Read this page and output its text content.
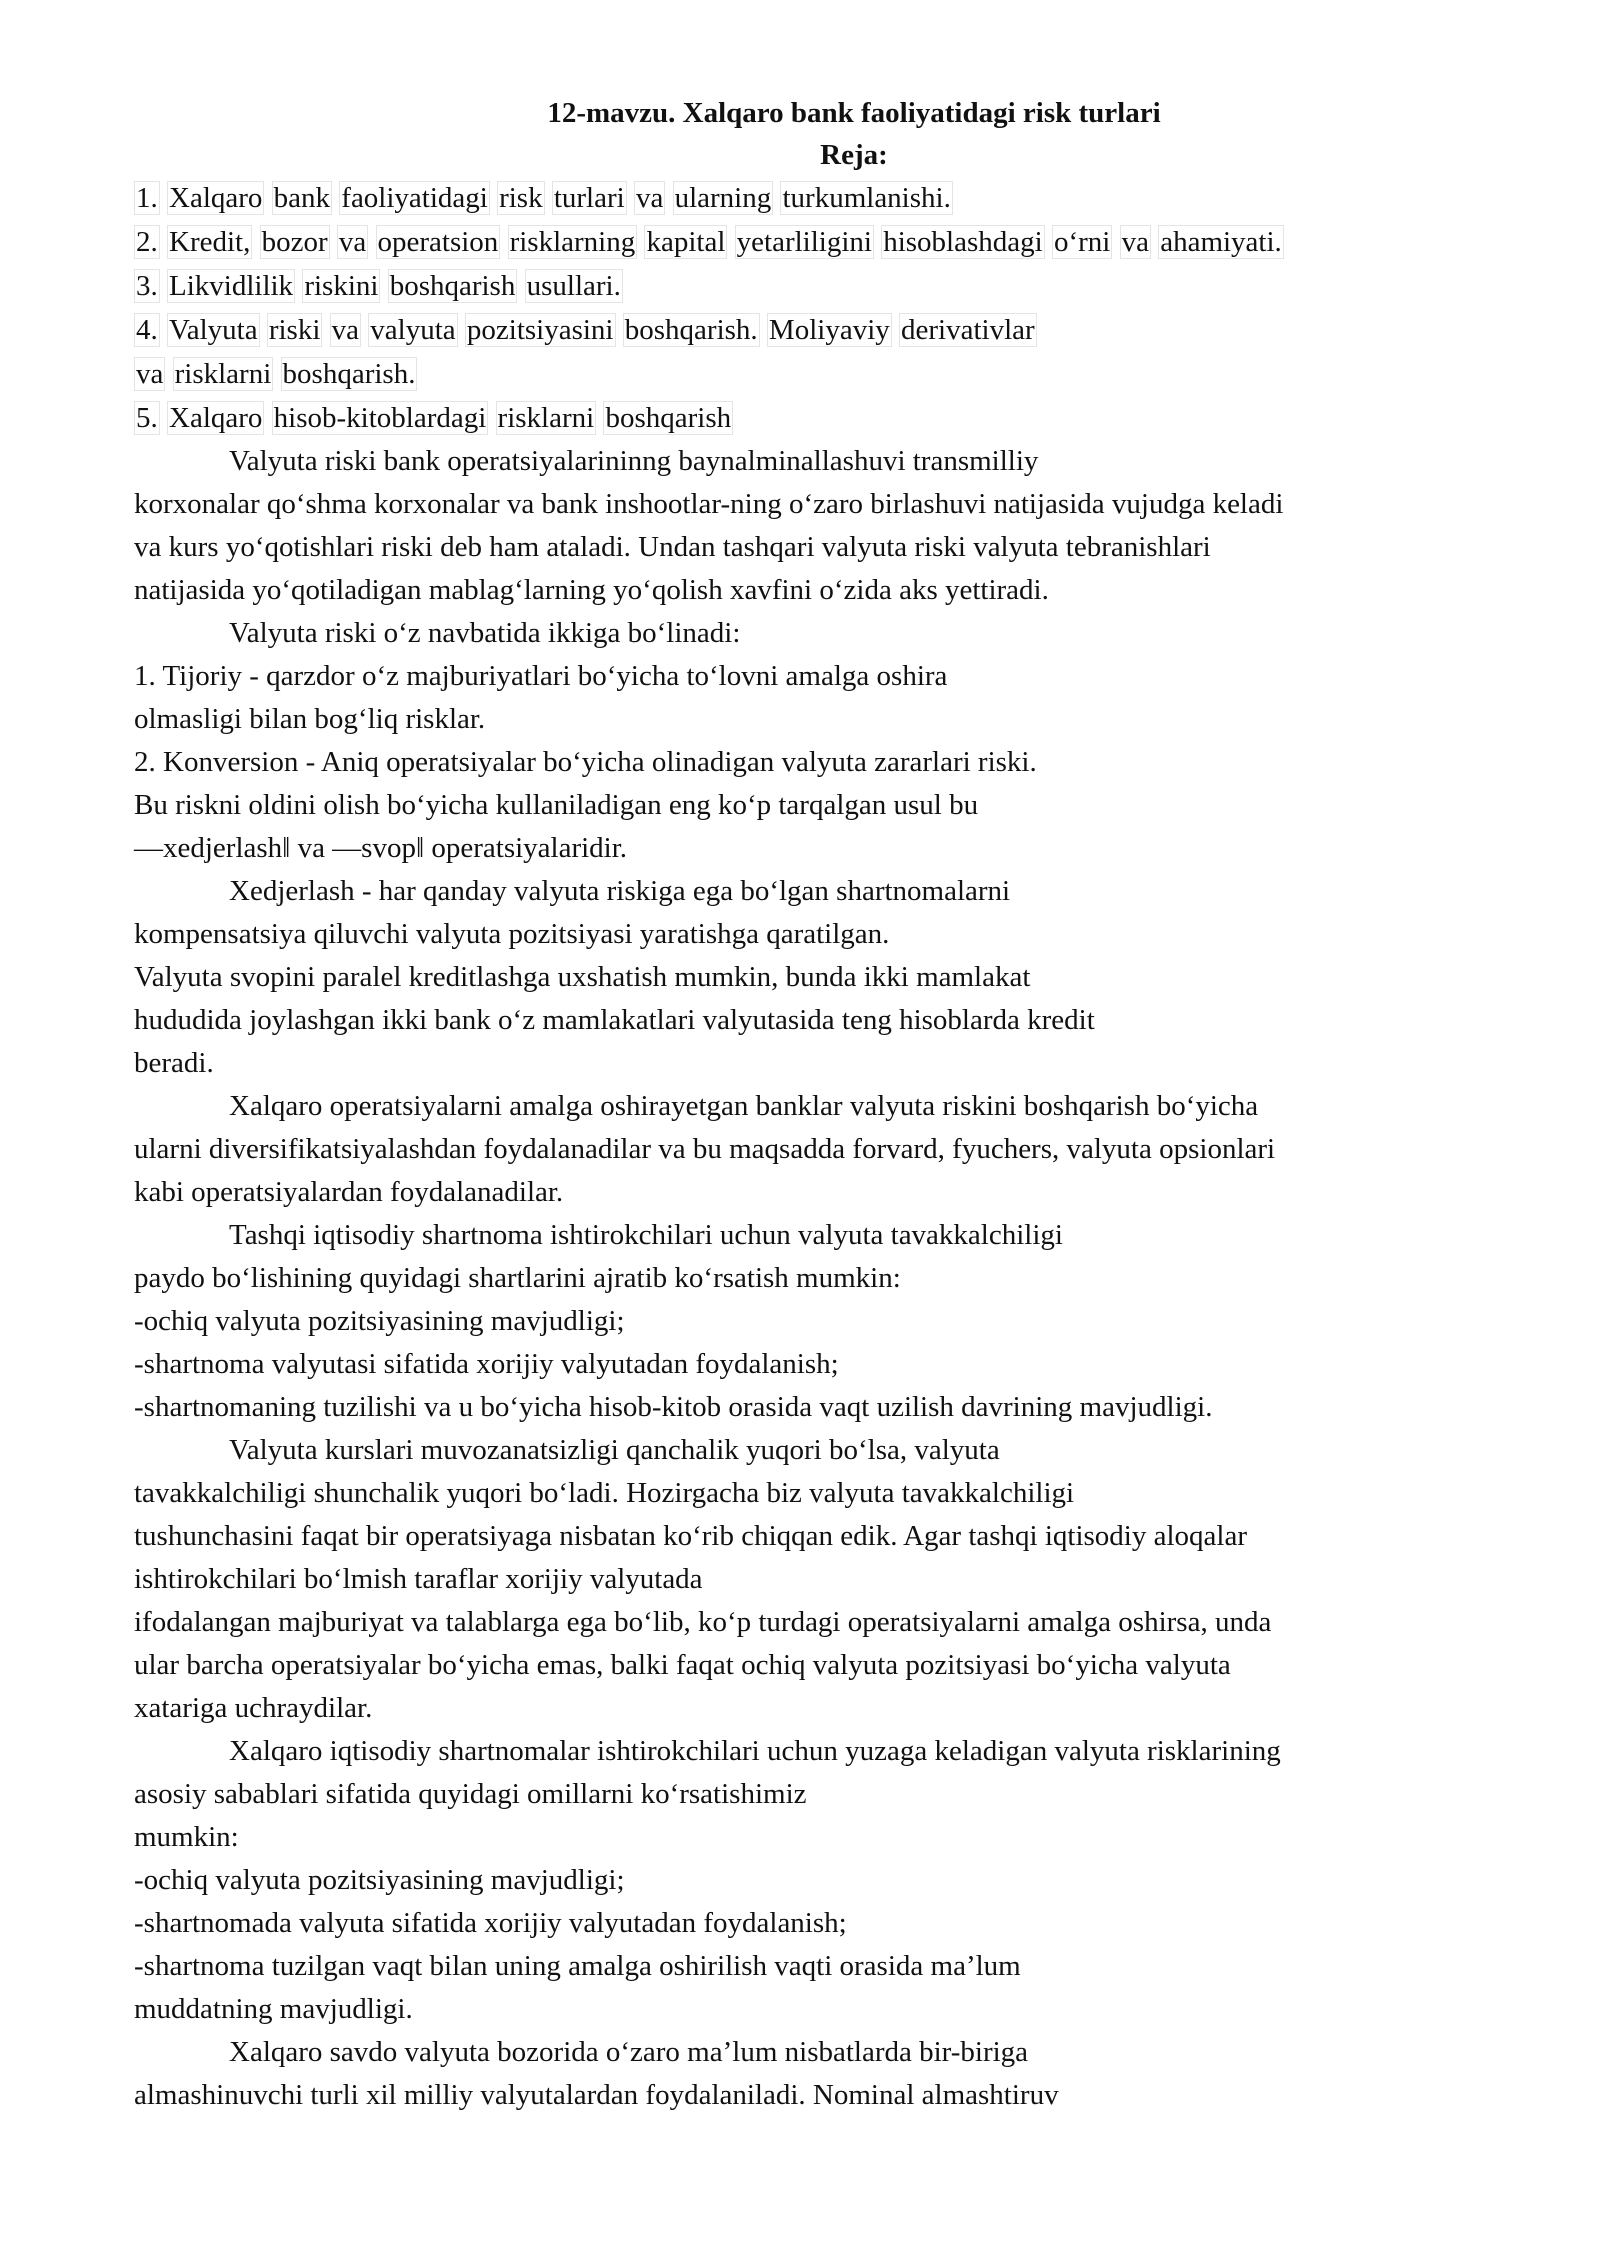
12-mavzu. Xalqaro bank faoliyatidagi risk turlari

Reja:

1. Xalqaro bank faoliyatidagi risk turlari va ularning turkumlanishi.

2. Kredit, bozor va operatsion risklarning kapital yetarliligini hisoblashdagi o‘rni va ahamiyati.

3. Likvidlilik riskini boshqarish usullari.

4. Valyuta riski va valyuta pozitsiyasini boshqarish. Moliyaviy derivativlar

va risklarni boshqarish.

5. Xalqaro hisob-kitoblardagi risklarni boshqarish

Valyuta riski bank operatsiyalarininng baynalminallashuvi transmilliy
korxonalar qo‘shma korxonalar va bank inshootlar-ning o‘zaro birlashuvi natijasida vujudga keladi
va kurs yo‘qotishlari riski deb ham ataladi. Undan tashqari valyuta riski valyuta tebranishlari
natijasida yo‘qotiladigan mablag‘larning yo‘qolish xavfini o‘zida aks yettiradi.

Valyuta riski o‘z navbatida ikkiga bo‘linadi:

1. Tijoriy - qarzdor o‘z majburiyatlari bo‘yicha to‘lovni amalga oshira
olmasligi bilan bog‘liq risklar.
2. Konversion - Aniq operatsiyalar bo‘yicha olinadigan valyuta zararlari riski.
Bu riskni oldini olish bo‘yicha kullaniladigan eng ko‘p tarqalgan usul bu
—xedjerlash‖ va —svop‖ operatsiyalaridir.

Xedjerlash - har qanday valyuta riskiga ega bo‘lgan shartnomalarni

kompensatsiya qiluvchi valyuta pozitsiyasi yaratishga qaratilgan.
Valyuta svopini paralel kreditlashga uxshatish mumkin, bunda ikki mamlakat
hududida joylashgan ikki bank o‘z mamlakatlari valyutasida teng hisoblarda kredit
beradi.

Xalqaro operatsiyalarni amalga oshirayetgan banklar valyuta riskini boshqarish bo‘yicha

ularni diversifikatsiyalashdan foydalanadilar va bu maqsadda forvard, fyuchers, valyuta opsionlari
kabi operatsiyalardan foydalanadilar.

Tashqi iqtisodiy shartnoma ishtirokchilari uchun valyuta tavakkalchiligi

paydo bo‘lishining quyidagi shartlarini ajratib ko‘rsatish mumkin:
-ochiq valyuta pozitsiyasining mavjudligi;
-shartnoma valyutasi sifatida xorijiy valyutadan foydalanish;
-shartnomaning tuzilishi va u bo‘yicha hisob-kitob orasida vaqt uzilish davrining mavjudligi.

Valyuta kurslari muvozanatsizligi qanchalik yuqori bo‘lsa, valyuta

tavakkalchiligi shunchalik yuqori bo‘ladi. Hozirgacha biz valyuta tavakkalchiligi
tushunchasini faqat bir operatsiyaga nisbatan ko‘rib chiqqan edik. Agar tashqi iqtisodiy aloqalar
ishtirokchilari bo‘lmish taraflar xorijiy valyutada
ifodalangan majburiyat va talablarga ega bo‘lib, ko‘p turdagi operatsiyalarni amalga oshirsa, unda
ular barcha operatsiyalar bo‘yicha emas, balki faqat ochiq valyuta pozitsiyasi bo‘yicha valyuta
xatariga uchraydilar.

Xalqaro iqtisodiy shartnomalar ishtirokchilari uchun yuzaga keladigan valyuta risklarining

asosiy sabablari sifatida quyidagi omillarni ko‘rsatishimiz
mumkin:
-ochiq valyuta pozitsiyasining mavjudligi;
-shartnomada valyuta sifatida xorijiy valyutadan foydalanish;
-shartnoma tuzilgan vaqt bilan uning amalga oshirilish vaqti orasida ma’lum
muddatning mavjudligi.

Xalqaro savdo valyuta bozorida o‘zaro ma’lum nisbatlarda bir-biriga

almashinuvchi turli xil milliy valyutalardan foydalaniladi. Nominal almashtiruv
